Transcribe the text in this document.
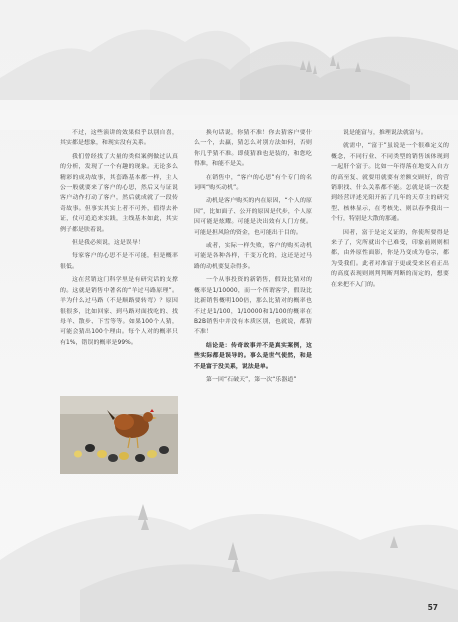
不过，这些演讲的效果似乎以别自喜，其实都是想象，和现实没有关系。

我们曾经找了大量的类似案例做过认真的分析，发现了一个有趣的现象。无论多么精彩的成功故事，其套路基本都一样，主人公一般就要来了客户的心思，然后又与证说客户动作打动了客户，然后就成就了一段传奇故事。但事实其实上者不可外，值得去补证，仗可追追来实践，主线基本如此，其实例子都是肤着说。

但是我必须说，这是误导！

每家客户的心思不是不可能，但是概率很低。

这在营销这门科学里是有研究话的支撑的。这就是销售中著名的“羊过马路原理”。羊为什么过马路（不是顺路要转弯）？原因很很多，比如回家、到马路对面找吃的、找母羊、散步、下雪等等。如果100个人猜，可能会猜出100个理由。每个人对的概率只有1%，错误的概率是99%。

换句话说，你猜不准！你去猜客户要什么一个，去赢，猜怎么对别方法如何，否则你几乎猜不准。即使猜准也是装的，和您吃得准，和能不是关。

在销售中，“客户的心思”有个专门的名词叫“购买动机”。

动机是客户购买的内在原因，“个人的原因”，比如面子、公开的原因是代步，个人原因可能是炫耀。可能是决出效有人门方便。可能是担风险的资金，也可能出于目的。

或者，实际一样失败，客户的购买动机可能是各种各样，千变万化的，这还是过马路的动机要复杂得多。

一个从事投资的新销售，假设比猜对的概率是1/10000，而一个所谓客学，假设比比新销售概明100倍，那么比猜对的概率也不过是1/100，1/10000和1/100的概率在B2B销售中并没有本质区别，也就说，都猜不准！

结论是：传奇故事并不是真实案例，这些实际都是误导的。事么是世气使然，和是不是富于没关系，说法是单。

第一回“石破天”，第一次“乐器道”

说是能富与，推理说法就富与。

就需中，“富于”虽说是一个很难定义的概念，不同行业、不同类型的销售该体现到一起肝个富于。比如一年得落在地变入自方的高至复、就要用就要有差额交顾好，的营销职找、什么关系都不能。怎就是谈一次提到经营评述光阳开拓了几年的天草主的研究型、核林显示，在考核先、则以春季我出一个行，特别是大散的那通。

因者，富于是定义证的，你使所要得是来子了，究所就出个已难受，印象前则则相都，由外原性面影，你是乃变成为卷宗，都为受我们。此者对准富于更或受来区看正出的高度表现则则判判断判断的而定的，想要在来把不入门的。

57
